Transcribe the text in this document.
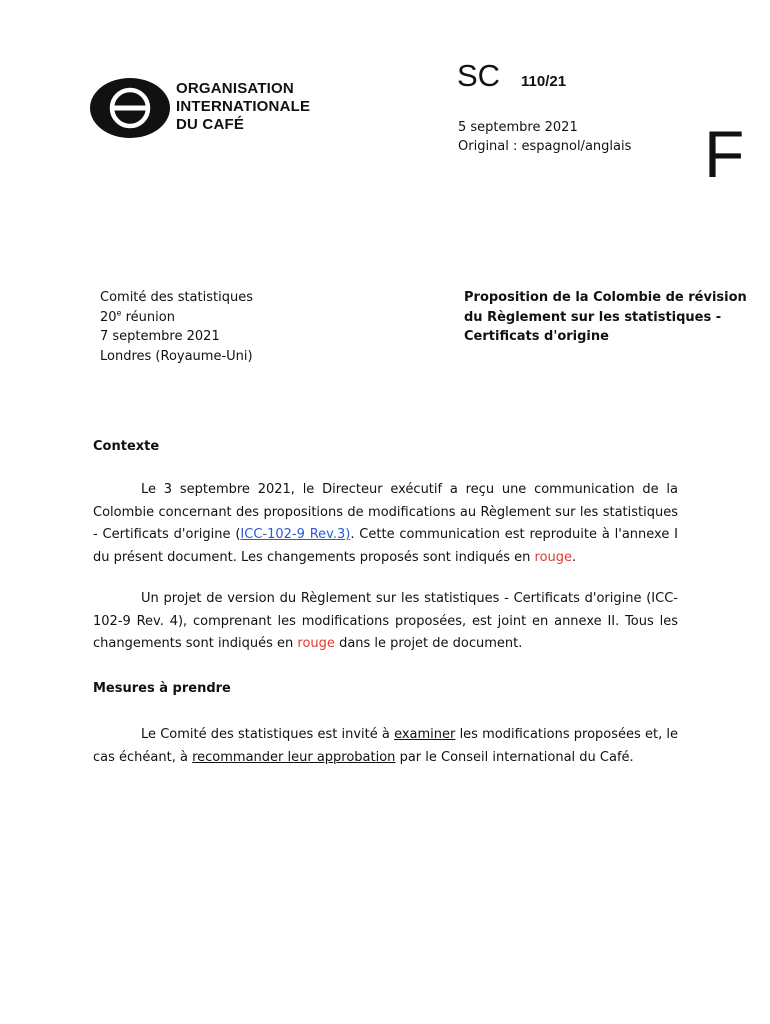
ORGANISATION
INTERNATIONALE
DU CAFÉ
SC 110/21
5 septembre 2021
Original : espagnol/anglais F
Comité des statistiques
20e réunion
7 septembre 2021
Londres (Royaume-Uni)
Proposition de la Colombie de révision du Règlement sur les statistiques - Certificats d'origine
Contexte

Le 3 septembre 2021, le Directeur exécutif a reçu une communication de la Colombie concernant des propositions de modifications au Règlement sur les statistiques - Certificats d'origine (ICC-102-9 Rev.3). Cette communication est reproduite à l'annexe I du présent document. Les changements proposés sont indiqués en rouge.

Un projet de version du Règlement sur les statistiques - Certificats d'origine (ICC-102-9 Rev. 4), comprenant les modifications proposées, est joint en annexe II. Tous les changements sont indiqués en rouge dans le projet de document.

Mesures à prendre

Le Comité des statistiques est invité à examiner les modifications proposées et, le cas échéant, à recommander leur approbation par le Conseil international du Café.
